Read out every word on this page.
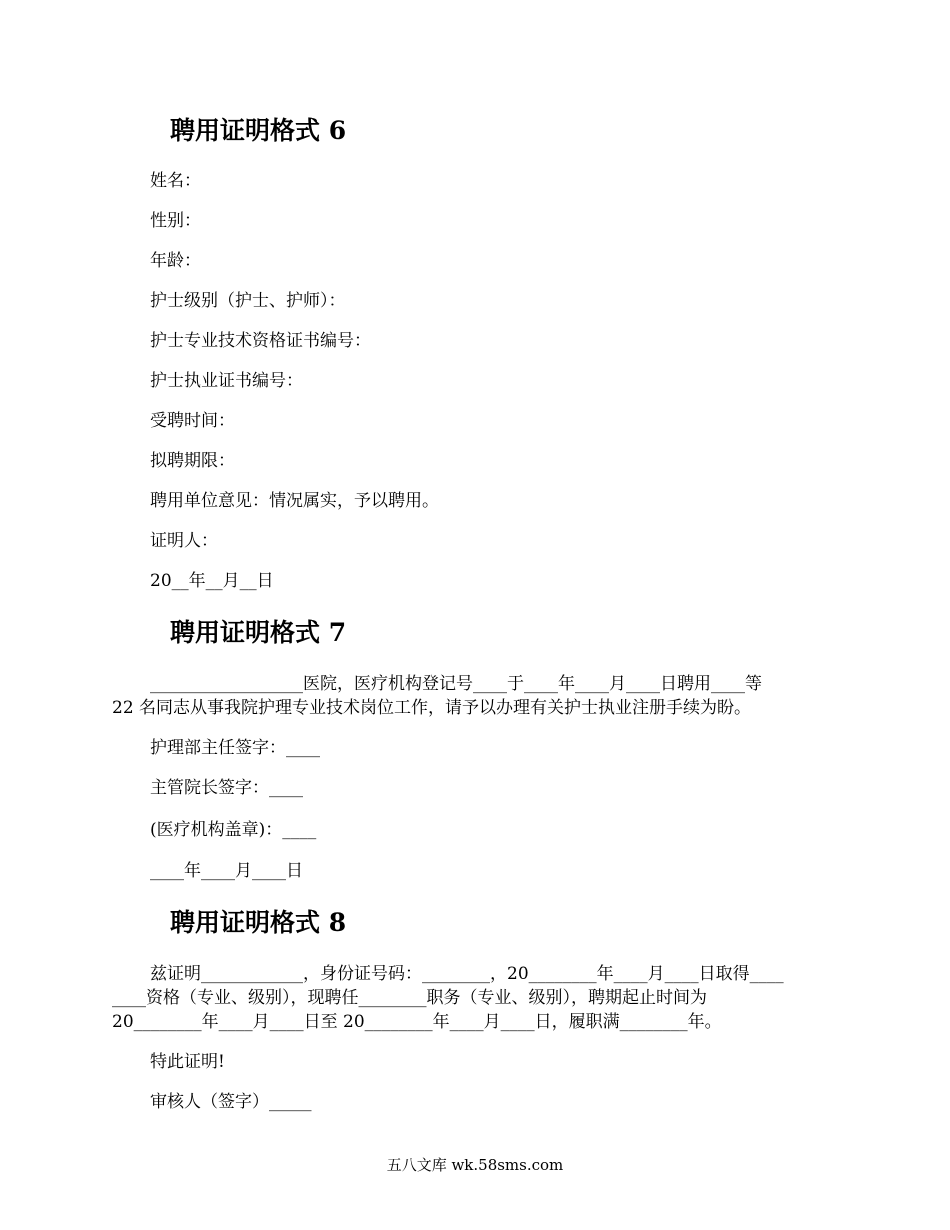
聘用证明格式 6

姓名：

性别：

年龄：

护士级别（护士、护师）：

护士专业技术资格证书编号：

护士执业证书编号：

受聘时间：

拟聘期限：

聘用单位意见：情况属实，予以聘用。

证明人：

20__年__月__日

聘用证明格式 7

__________________医院，医疗机构登记号____于____年____月____日聘用____等

22 名同志从事我院护理专业技术岗位工作，请予以办理有关护士执业注册手续为盼。

护理部主任签字：____

主管院长签字：____

(医疗机构盖章)：____

____年____月____日

聘用证明格式 8

兹证明____________，身份证号码：________，20________年____月____日取得____

____资格（专业、级别），现聘任________职务（专业、级别），聘期起止时间为

20________年____月____日至 20________年____月____日，履职满________年。

特此证明!

审核人（签字）_____

五八文库 wk.58sms.com
